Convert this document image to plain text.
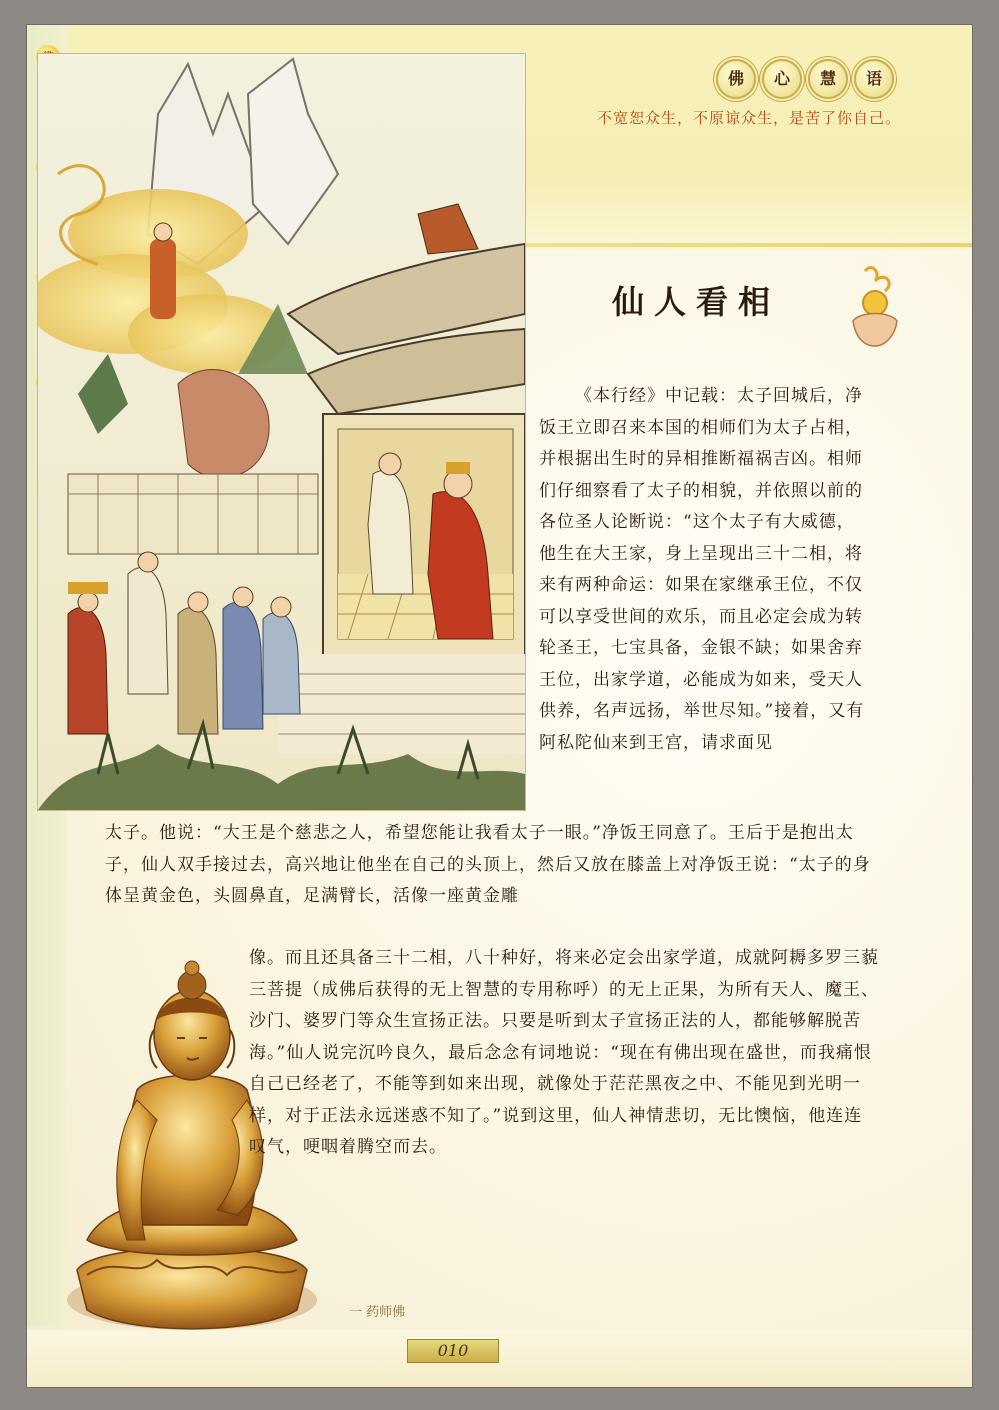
佛	心	慧	语
不宽恕众生，不原谅众生，是苦了你自己。
仙人看相

《本行经》中记载：太子回城后，净饭王立即召来本国的相师们为太子占相，并根据出生时的异相推断福祸吉凶。相师们仔细察看了太子的相貌，并依照以前的各位圣人论断说：“这个太子有大威德，他生在大王家，身上呈现出三十二相，将来有两种命运：如果在家继承王位，不仅可以享受世间的欢乐，而且必定会成为转轮圣王，七宝具备，金银不缺；如果舍弃王位，出家学道，必能成为如来，受天人供养，名声远扬，举世尽知。”接着，又有阿私陀仙来到王宫，请求面见

太子。他说：“大王是个慈悲之人，希望您能让我看太子一眼。”净饭王同意了。王后于是抱出太子，仙人双手接过去，高兴地让他坐在自己的头顶上，然后又放在膝盖上对净饭王说：“太子的身体呈黄金色，头圆鼻直，足满臂长，活像一座黄金雕
像。而且还具备三十二相，八十种好，将来必定会出家学道，成就阿耨多罗三藐三菩提（成佛后获得的无上智慧的专用称呼）的无上正果，为所有天人、魔王、沙门、婆罗门等众生宣扬正法。只要是听到太子宣扬正法的人，都能够解脱苦海。”仙人说完沉吟良久，最后念念有词地说：“现在有佛出现在盛世，而我痛恨自己已经老了，不能等到如来出现，就像处于茫茫黑夜之中、不能见到光明一样，对于正法永远迷惑不知了。”说到这里，仙人神情悲切，无比懊恼，他连连叹气，哽咽着腾空而去。
一 药师佛
010
